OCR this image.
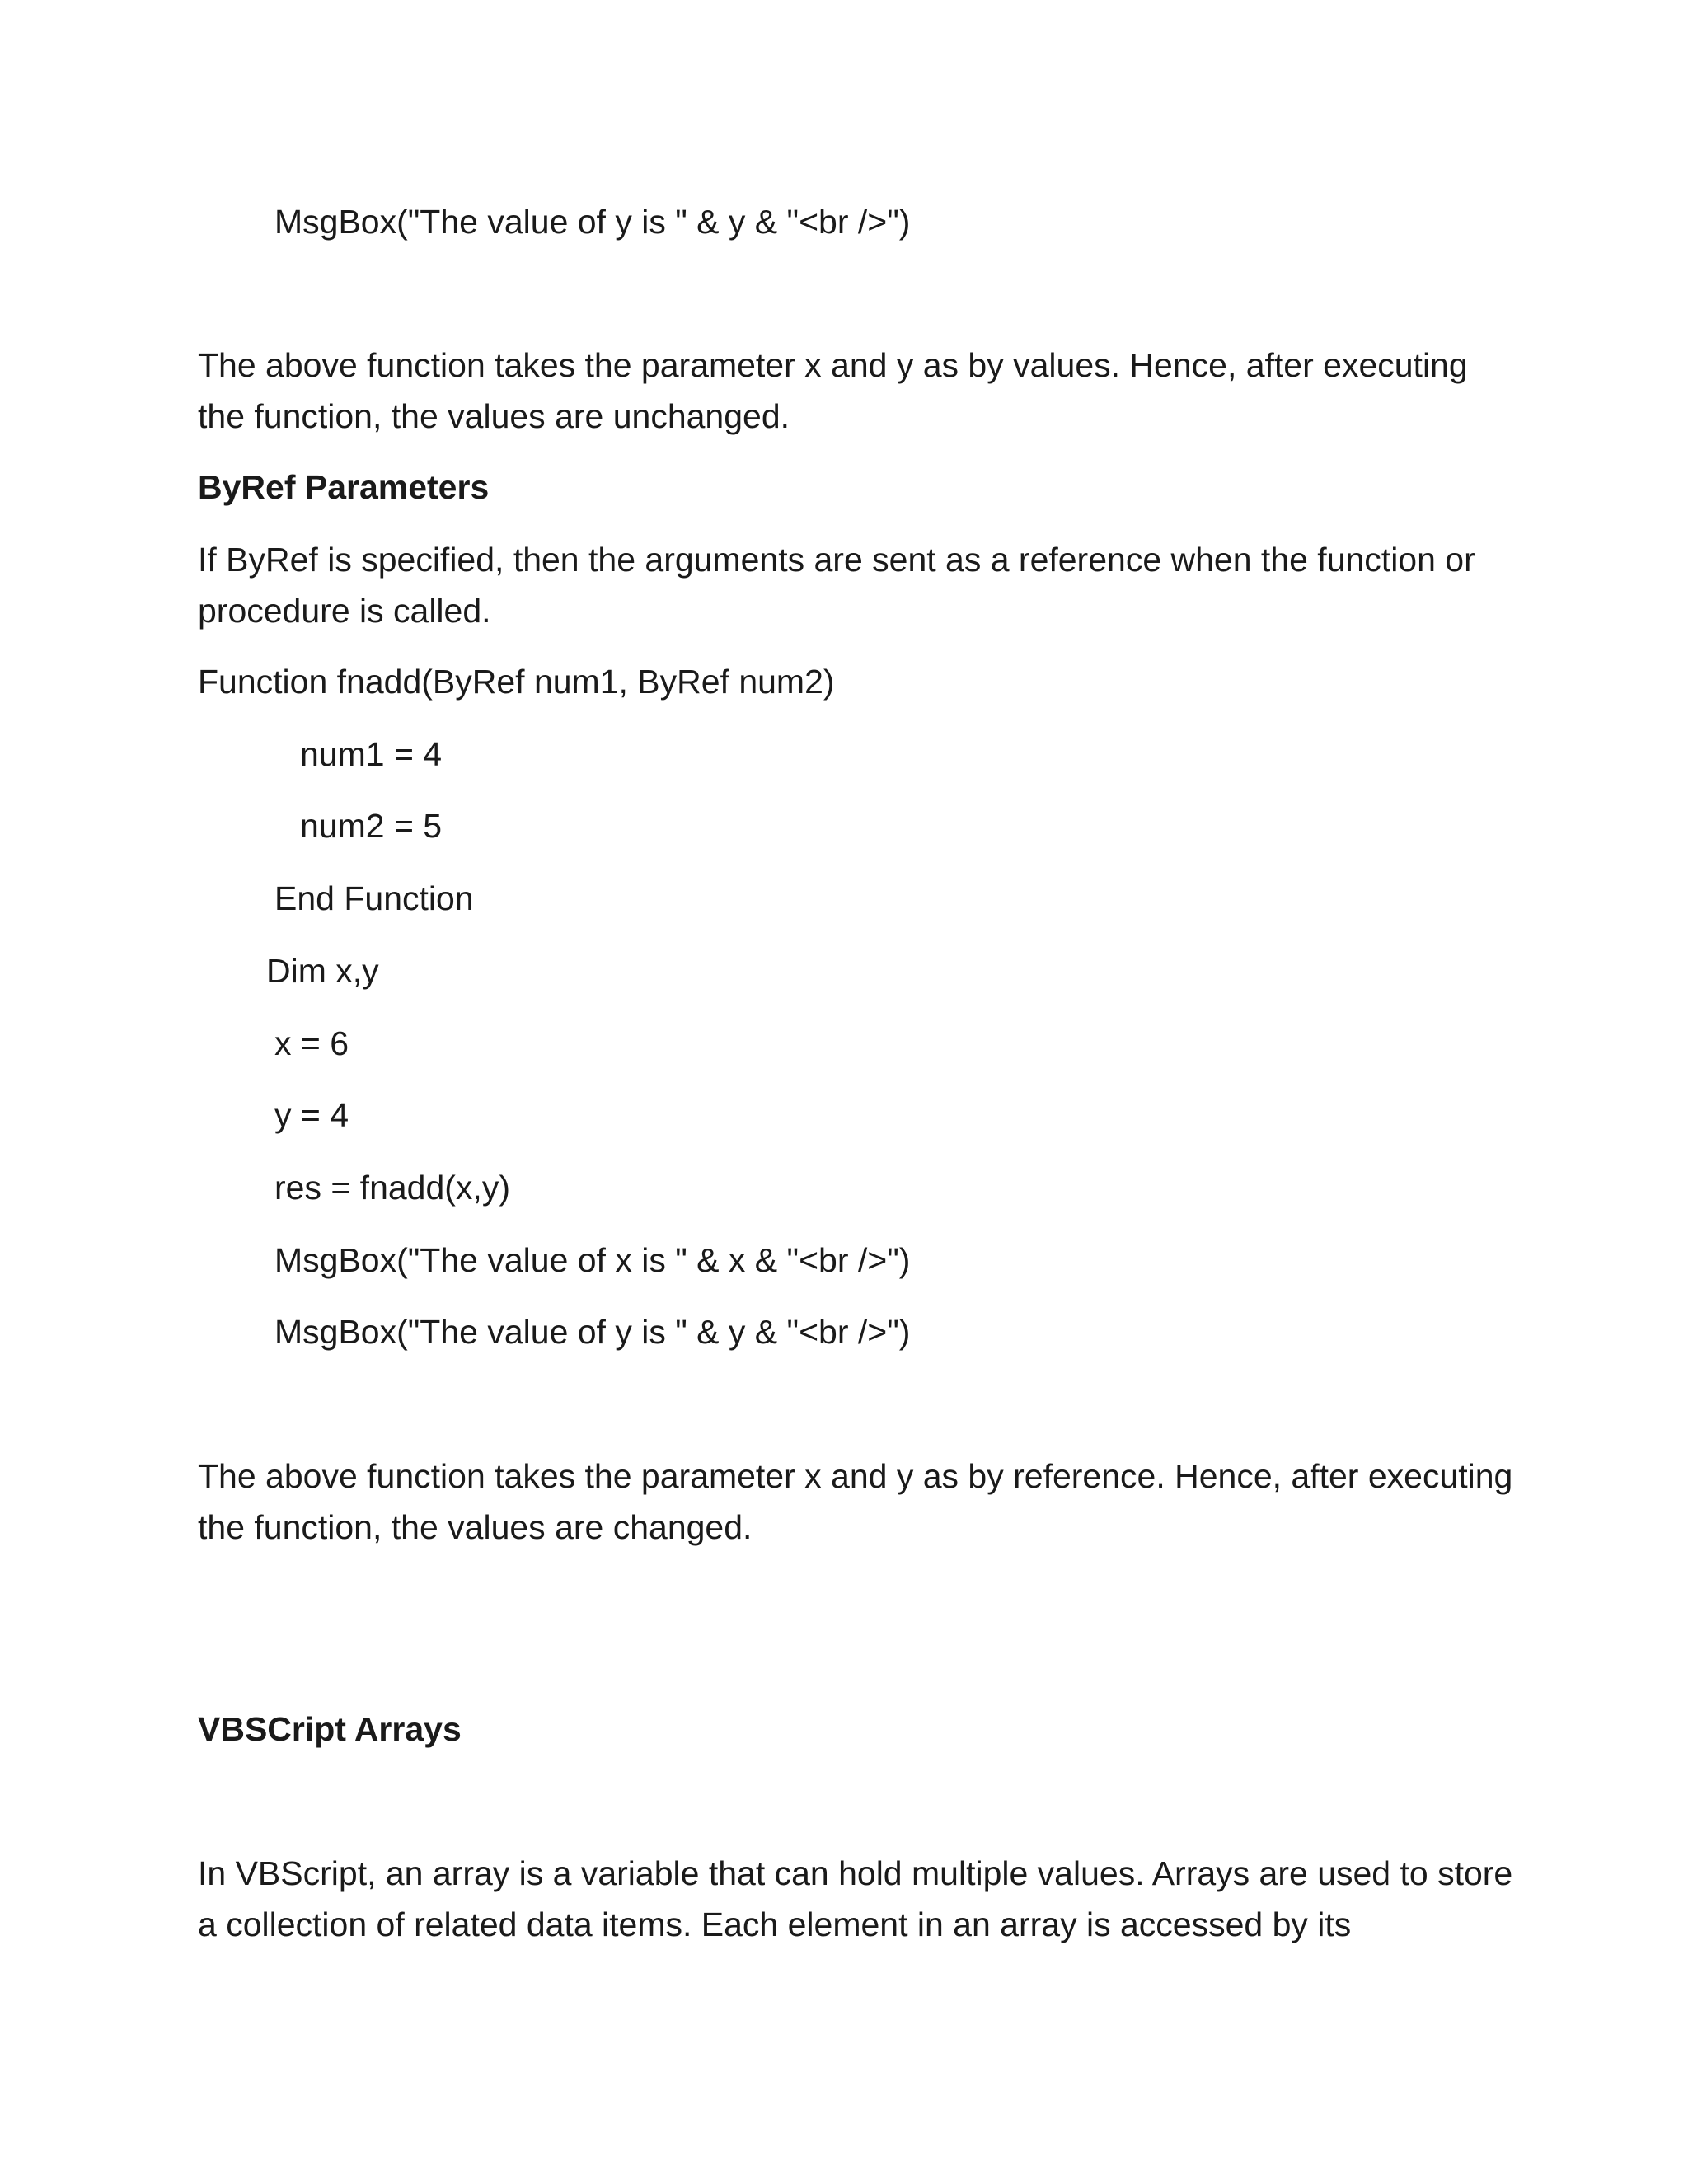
MsgBox("The value of y is " & y & "<br />")
The above function takes the parameter x and y as by values. Hence, after executing the function, the values are unchanged.
ByRef Parameters
If ByRef is specified, then the arguments are sent as a reference when the function or procedure is called.
Function fnadd(ByRef num1, ByRef num2)
num1 = 4
num2 = 5
End Function
Dim x,y
x = 6
y = 4
res = fnadd(x,y)
MsgBox("The value of x is " & x & "<br />")
MsgBox("The value of y is " & y & "<br />")
The above function takes the parameter x and y as by reference. Hence, after executing the function, the values are changed.
VBSCript Arrays
In VBScript, an array is a variable that can hold multiple values. Arrays are used to store a collection of related data items. Each element in an array is accessed by its
